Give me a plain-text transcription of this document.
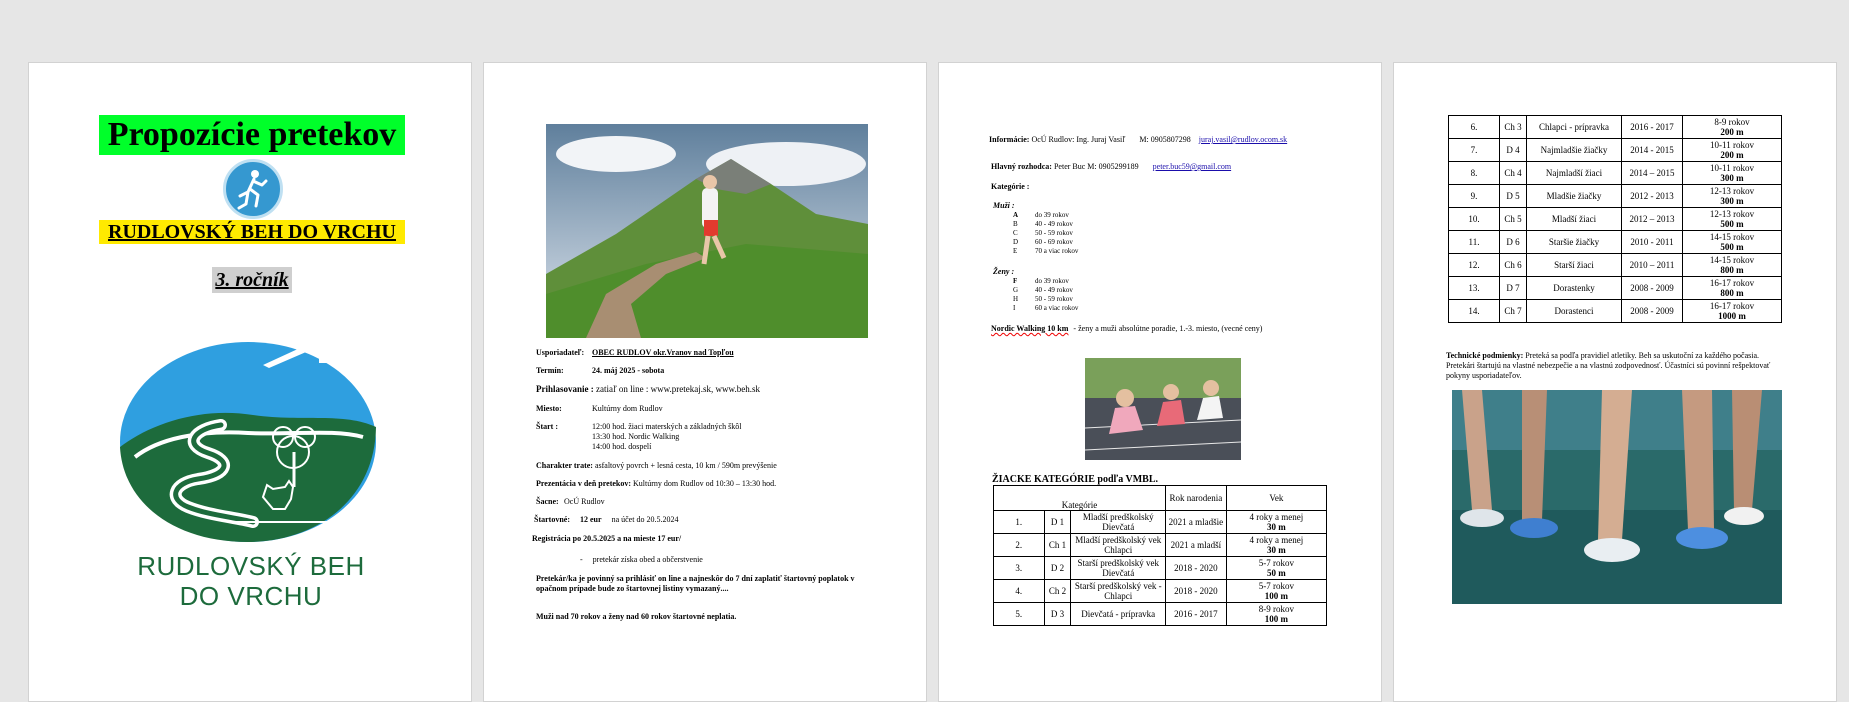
Propozície pretekov
RUDLOVSKÝ BEH DO VRCHU
3. ročník
RUDLOVSKÝ BEH
DO VRCHU
Usporiadateľ: OBEC RUDLOV okr.Vranov nad Topľou
Termín:	24. máj 2025 - sobota
Prihlasovanie : zatiaľ on line : www.pretekaj.sk, www.beh.sk
Miesto:	Kultúrny dom Rudlov
Štart :	12:00 hod. žiaci materských a základných škôl
13:30 hod. Nordic Walking
14:00 hod. dospelí
Charakter trate: asfaltový povrch + lesná cesta, 10 km / 590m prevýšenie
Prezentácia v deň pretekov: Kultúrny dom Rudlov od 10:30 – 13:30 hod.
Šacne: OcÚ Rudlov
Štartovné: 12 eur na účet do 20.5.2024
Registrácia po 20.5.2025 a na mieste 17 eur/
- pretekár získa obed a občerstvenie
Pretekár/ka je povinný sa prihlásiť on line a najneskôr do 7 dní zaplatiť štartovný poplatok v opačnom prípade bude zo štartovnej listiny vymazaný....
Muži nad 70 rokov a ženy nad 60 rokov štartovné neplatia.
Informácie: OcÚ Rudlov: Ing. Juraj Vasiľ M: 0905807298 juraj.vasil@rudlov.ocom.sk
Hlavný rozhodca: Peter Buc M: 0905299189 peter.buc59@gmail.com
Kategórie :
Muži :
A do 39 rokov
B 40 - 49 rokov
C 50 - 59 rokov
D 60 - 69 rokov
E	70 a viac rokov
Ženy :
F	do 39 rokov
G 40 - 49 rokov
H 50 - 59 rokov
I	60 a viac rokov
Nordic Walking 10 km - ženy a muži absolútne poradie, 1.-3. miesto, (vecné ceny)
ŽIACKE KATEGÓRIE podľa VMBL.
Kategórie			Rok narodenia	Vek
1.	D 1	Mladší predškolský Dievčatá	2021 a mladšie	4 roky a menej
30 m
2.	Ch 1	Mladší predškolský vek Chlapci	2021 a mladší	4 roky a menej
30 m
3.	D 2	Starší predškolský vek Dievčatá	2018 - 2020	5-7 rokov
50 m
4.	Ch 2	Starší predškolský vek - Chlapci	2018 - 2020	5-7 rokov
100 m
5.	D 3	Dievčatá - prípravka	2016 - 2017	8-9 rokov
100 m
6.	Ch 3	Chlapci - prípravka	2016 - 2017	8-9 rokov
200 m
7.	D 4	Najmladšie žiačky	2014 - 2015	10-11 rokov
200 m
8.	Ch 4	Najmladší žiaci	2014 – 2015	10-11 rokov
300 m
9.	D 5	Mladšie žiačky	2012 - 2013	12-13 rokov
300 m
10.	Ch 5	Mladší žiaci	2012 – 2013	12-13 rokov
500 m
11.	D 6	Staršie žiačky	2010 - 2011	14-15 rokov
500 m
12.	Ch 6	Starší žiaci	2010 – 2011	14-15 rokov
800 m
13.	D 7	Dorastenky	2008 - 2009	16-17 rokov
800 m
14.	Ch 7	Dorastenci	2008 - 2009	16-17 rokov
1000 m
Technické podmienky: Preteká sa podľa pravidiel atletiky. Beh sa uskutoční za každého počasia. Pretekári štartujú na vlastné nebezpečie a na vlastnú zodpovednosť. Účastníci sú povinní rešpektovať pokyny usporiadateľov.
